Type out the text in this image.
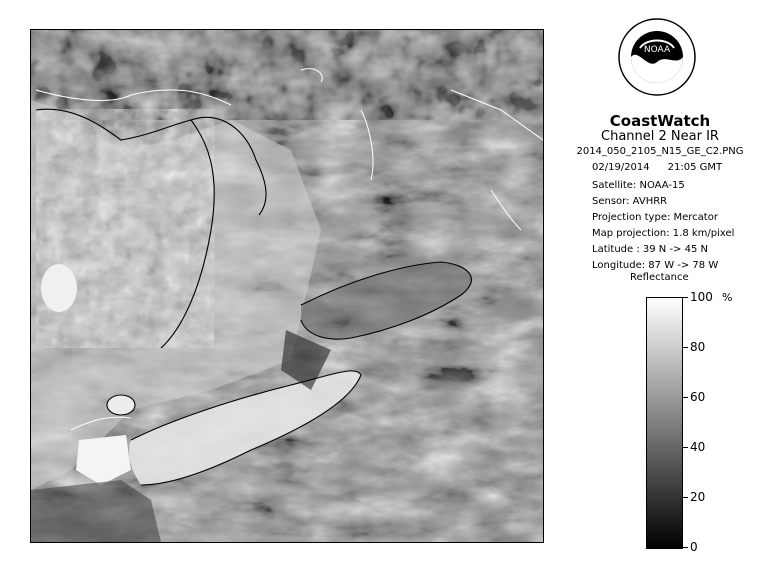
NOAA
CoastWatch
Channel 2 Near IR
2014_050_2105_N15_GE_C2.PNG
02/19/2014 21:05 GMT
Satellite: NOAA-15
Sensor: AVHRR
Projection type: Mercator
Map projection: 1.8 km/pixel
Latitude : 39 N -> 45 N
Longitude: 87 W -> 78 W
Reflectance
%
100
80
60
40
20
0
